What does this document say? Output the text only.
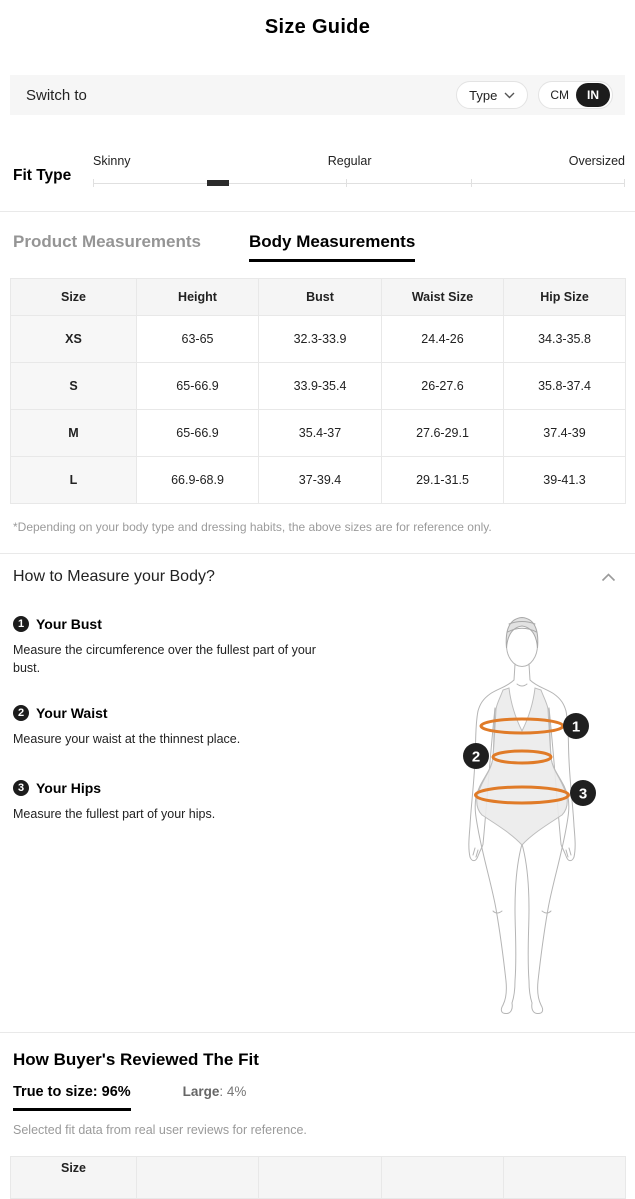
Size Guide
Switch to	Type	CM	IN
Fit Type
Skinny	Regular	Oversized
Product Measurements	Body Measurements
Size	Height	Bust	Waist Size	Hip Size
XS	63-65	32.3-33.9	24.4-26	34.3-35.8
S	65-66.9	33.9-35.4	26-27.6	35.8-37.4
M	65-66.9	35.4-37	27.6-29.1	37.4-39
L	66.9-68.9	37-39.4	29.1-31.5	39-41.3
*Depending on your body type and dressing habits, the above sizes are for reference only.
How to Measure your Body?
1 Your Bust
Measure the circumference over the fullest part of your bust.
2 Your Waist
Measure your waist at the thinnest place.
3 Your Hips
Measure the fullest part of your hips.
1
2
3
How Buyer's Reviewed The Fit
True to size: 96%	Large: 4%
Selected fit data from real user reviews for reference.
Size				
